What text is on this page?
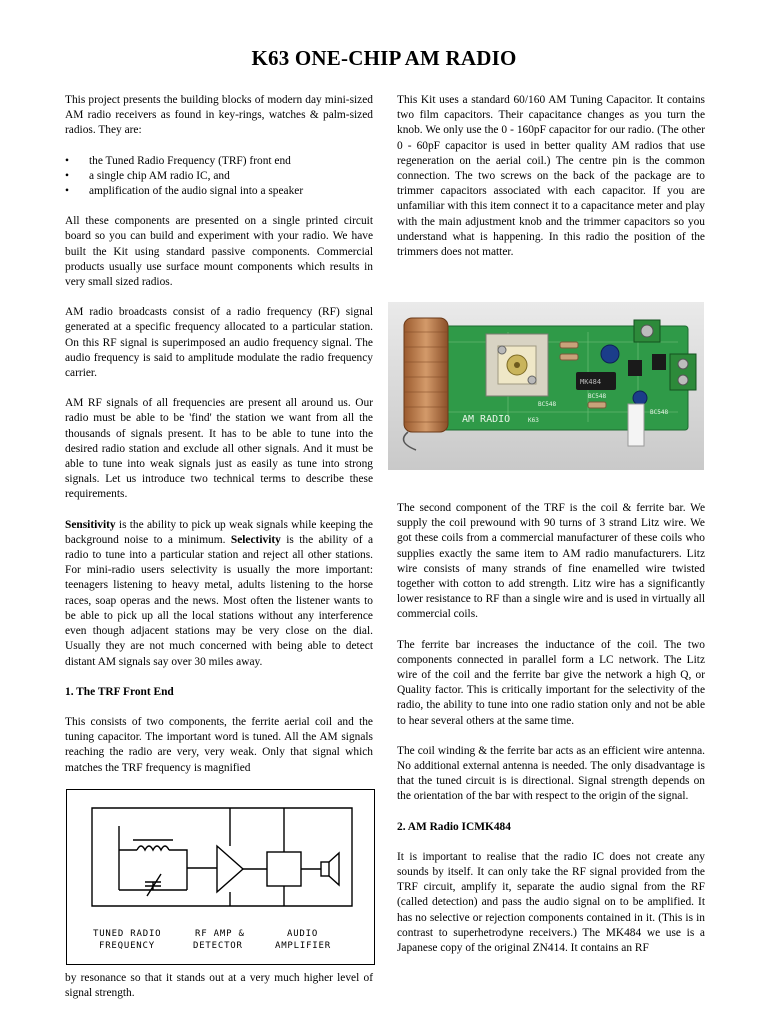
K63 ONE-CHIP AM RADIO

This project presents the building blocks of modern day mini-sized AM radio receivers as found in key-rings, watches & palm-sized radios. They are:

• the Tuned Radio Frequency (TRF) front end
• a single chip AM radio IC, and
• amplification of the audio signal into a speaker

All these components are presented on a single printed circuit board so you can build and experiment with your radio. We have built the Kit using standard passive components. Commercial products usually use surface mount components which results in very small sized radios.

AM radio broadcasts consist of a radio frequency (RF) signal generated at a specific frequency allocated to a particular station. On this RF signal is superimposed an audio frequency signal. The audio frequency is said to amplitude modulate the radio frequency carrier.

AM RF signals of all frequencies are present all around us. Our radio must be able to be 'find' the station we want from all the thousands of signals present. It has to be able to tune into the desired radio station and exclude all other signals. And it must be able to tune into weak signals just as easily as tune into strong signals. Let us introduce two technical terms to describe these requirements.

Sensitivity is the ability to pick up weak signals while keeping the background noise to a minimum. Selectivity is the ability of a radio to tune into a particular station and reject all other stations. For mini-radio users selectivity is usually the more important: teenagers listening to heavy metal, adults listening to the horse races, soap operas and the news. Most often the listener wants to be able to pick up all the local stations without any interference even though adjacent stations may be very close on the dial. Usually they are not much concerned with being able to detect distant AM signals say over 30 miles away.

1. The TRF Front End

This consists of two components, the ferrite aerial coil and the tuning capacitor. The important word is tuned. All the AM signals reaching the radio are very, very weak. Only that signal which matches the TRF frequency is magnified

TUNED RADIO
FREQUENCY
RF AMP &
DETECTOR
AUDIO
AMPLIFIER

by resonance so that it stands out at a very much higher level of signal strength.

This Kit uses a standard 60/160 AM Tuning Capacitor. It contains two film capacitors. Their capacitance changes as you turn the knob. We only use the 0 - 160pF capacitor for our radio. (The other 0 - 60pF capacitor is used in better quality AM radios that use regeneration on the aerial coil.) The centre pin is the common connection. The two screws on the back of the package are to trimmer capacitors associated with each capacitor. If you are unfamiliar with this item connect it to a capacitance meter and play with the main adjustment knob and the trimmer capacitors so you understand what is happening. In this radio the position of the trimmers does not matter.

MK484
AM RADIO	K63
BC548
BC548
BC548

The second component of the TRF is the coil & ferrite bar. We supply the coil prewound with 90 turns of 3 strand Litz wire. We got these coils from a commercial manufacturer of these coils who supplies exactly the same item to AM radio manufacturers. Litz wire consists of many strands of fine enamelled wire twisted together with cotton to add strength. Litz wire has a significantly lower resistance to RF than a single wire and is used in virtually all commercial coils.

The ferrite bar increases the inductance of the coil. The two components connected in parallel form a LC network. The Litz wire of the coil and the ferrite bar give the network a high Q, or Quality factor. This is critically important for the selectivity of the radio, the ability to tune into one radio station only and not be able to hear several others at the same time.

The coil winding & the ferrite bar acts as an efficient wire antenna. No additional external antenna is needed. The only disadvantage is that the tuned circuit is is directional. Signal strength depends on the orientation of the bar with respect to the origin of the signal.

2. AM Radio ICMK484

It is important to realise that the radio IC does not create any sounds by itself. It can only take the RF signal provided from the TRF circuit, amplify it, separate the audio signal from the RF (called detection) and pass the audio signal on to be amplified. It has no selective or rejection components contained in it. (This is in contrast to superhetrodyne receivers.) The MK484 we use is a Japanese copy of the original ZN414. It contains an RF
